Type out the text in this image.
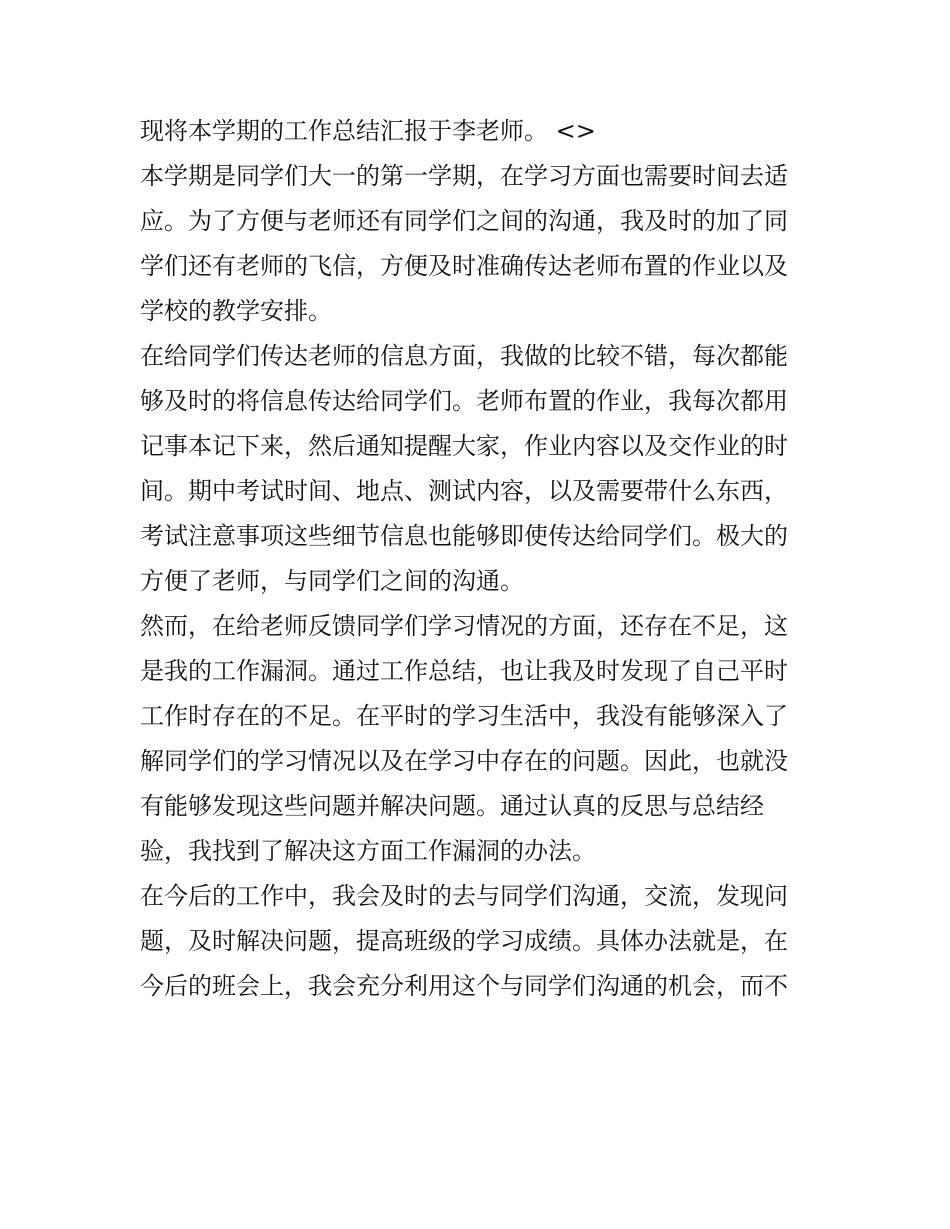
现将本学期的工作总结汇报于李老师。 <>
本学期是同学们大一的第一学期，在学习方面也需要时间去适
应。为了方便与老师还有同学们之间的沟通，我及时的加了同
学们还有老师的飞信，方便及时准确传达老师布置的作业以及
学校的教学安排。
在给同学们传达老师的信息方面，我做的比较不错，每次都能
够及时的将信息传达给同学们。老师布置的作业，我每次都用
记事本记下来，然后通知提醒大家，作业内容以及交作业的时
间。期中考试时间、地点、测试内容，以及需要带什么东西，
考试注意事项这些细节信息也能够即使传达给同学们。极大的
方便了老师，与同学们之间的沟通。
然而，在给老师反馈同学们学习情况的方面，还存在不足，这
是我的工作漏洞。通过工作总结，也让我及时发现了自己平时
工作时存在的不足。在平时的学习生活中，我没有能够深入了
解同学们的学习情况以及在学习中存在的问题。因此，也就没
有能够发现这些问题并解决问题。通过认真的反思与总结经
验，我找到了解决这方面工作漏洞的办法。
在今后的工作中，我会及时的去与同学们沟通，交流，发现问
题，及时解决问题，提高班级的学习成绩。具体办法就是，在
今后的班会上，我会充分利用这个与同学们沟通的机会，而不
